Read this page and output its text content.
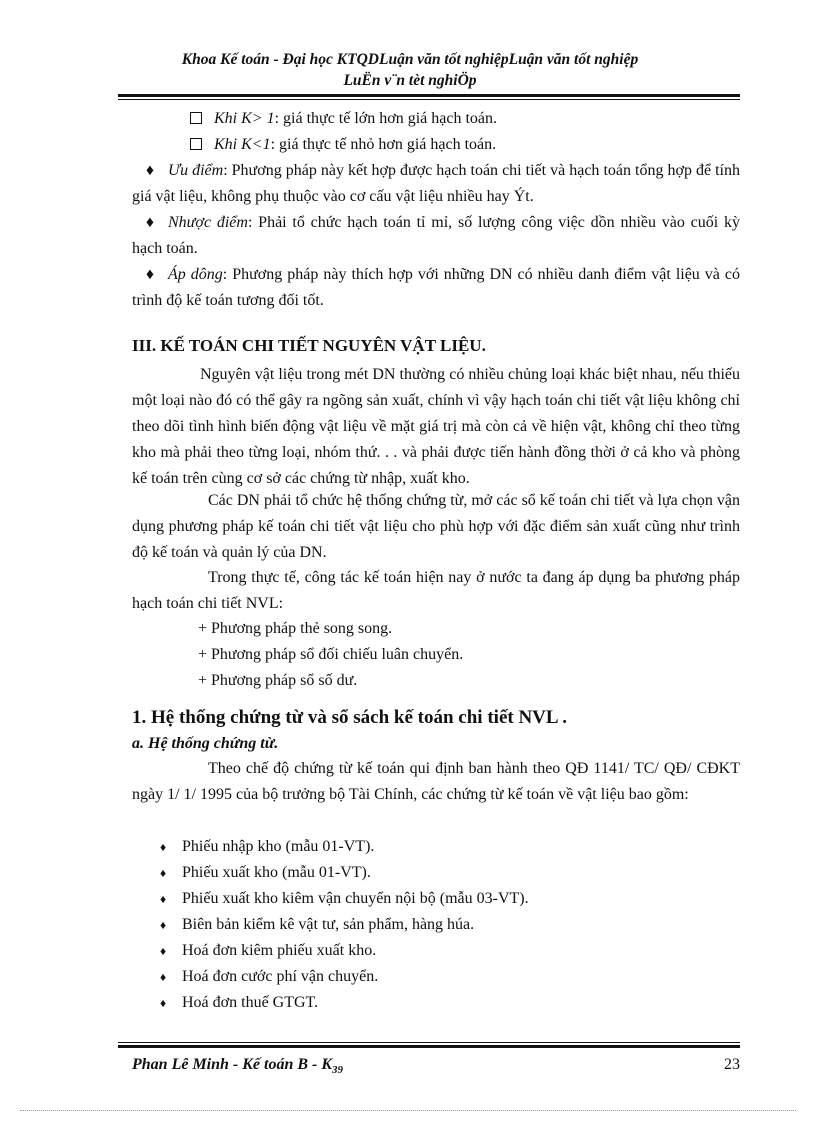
Khoa Kế toán - Đại học KTQDLuận văn tốt nghiệpLuận văn tốt nghiệp
LuËn v¨n tèt nghiÖp
Khi K> 1: giá thực tế lớn hơn giá hạch toán.
Khi K<1: giá thực tế nhỏ hơn giá hạch toán.
♦ Ưu điểm: Phương pháp này kết hợp được hạch toán chi tiết và hạch toán tổng hợp để tính giá vật liệu, không phụ thuộc vào cơ cấu vật liệu nhiều hay Ýt.
♦ Nhược điểm: Phải tổ chức hạch toán tỉ mỉ, số lượng công việc dồn nhiều vào cuối kỳ hạch toán.
♦ Áp dông: Phương pháp này thích hợp với những DN có nhiều danh điểm vật liệu và có trình độ kế toán tương đối tốt.
III. KẾ TOÁN CHI TIẾT NGUYÊN VẬT LIỆU.
Nguyên vật liệu trong mét DN thường có nhiều chủng loại khác biệt nhau, nếu thiếu một loại nào đó có thể gây ra ngõng sản xuất, chính vì vậy hạch toán chi tiết vật liệu không chỉ theo dõi tình hình biến động vật liệu về mặt giá trị mà còn cả về hiện vật, không chỉ theo từng kho mà phải theo từng loại, nhóm thứ. . . và phải được tiến hành đồng thời ở cả kho và phòng kế toán trên cùng cơ sở các chứng từ nhập, xuất kho.
Các DN phải tổ chức hệ thống chứng từ, mở các sổ kế toán chi tiết và lựa chọn vận dụng phương pháp kế toán chi tiết vật liệu cho phù hợp với đặc điểm sản xuất cũng như trình độ kế toán và quản lý của DN.
Trong thực tế, công tác kế toán hiện nay ở nước ta đang áp dụng ba phương pháp hạch toán chi tiết NVL:
+ Phương pháp thẻ song song.
+ Phương pháp sổ đối chiếu luân chuyển.
+ Phương pháp sổ số dư.
1. Hệ thống chứng từ và sổ sách kế toán chi tiết NVL .
a. Hệ thống chứng từ.
Theo chế độ chứng từ kế toán qui định ban hành theo QĐ 1141/ TC/ QĐ/ CĐKT ngày 1/ 1/ 1995 của bộ trưởng bộ Tài Chính, các chứng từ kế toán về vật liệu bao gồm:
♦ Phiếu nhập kho (mẫu 01-VT).
♦ Phiếu xuất kho (mẫu 01-VT).
♦ Phiếu xuất kho kiêm vận chuyển nội bộ (mẫu 03-VT).
♦ Biên bản kiểm kê vật tư, sản phẩm, hàng húa.
♦ Hoá đơn kiêm phiếu xuất kho.
♦ Hoá đơn cước phí vận chuyển.
♦ Hoá đơn thuế GTGT.
Phan Lê Minh - Kế toán B - $K_{39}$	23
